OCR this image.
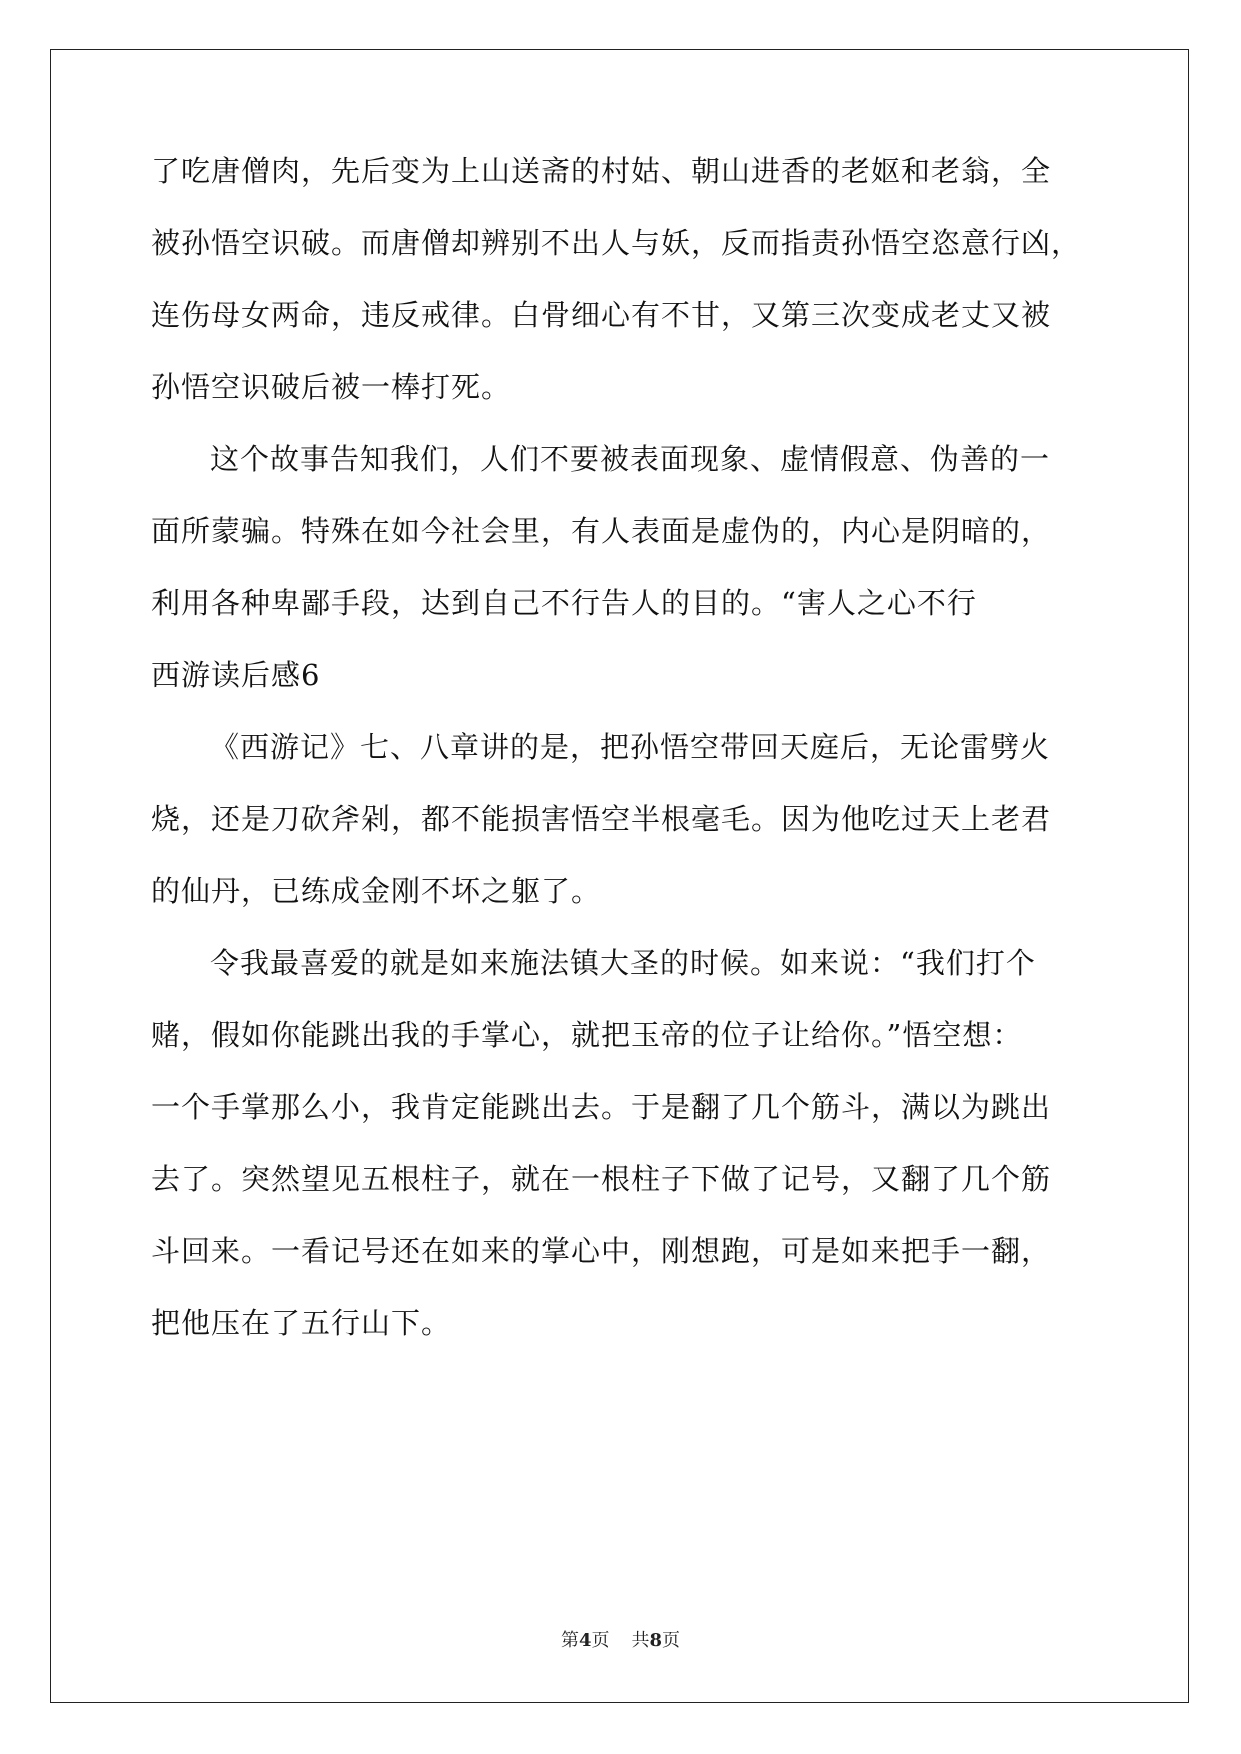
了吃唐僧肉，先后变为上山送斋的村姑、朝山进香的老妪和老翁，全
被孙悟空识破。而唐僧却辨别不出人与妖，反而指责孙悟空恣意行凶，
连伤母女两命，违反戒律。白骨细心有不甘，又第三次变成老丈又被
孙悟空识破后被一棒打死。
这个故事告知我们，人们不要被表面现象、虚情假意、伪善的一
面所蒙骗。特殊在如今社会里，有人表面是虚伪的，内心是阴暗的，
利用各种卑鄙手段，达到自己不行告人的目的。“害人之心不行
西游读后感6
《西游记》七、八章讲的是，把孙悟空带回天庭后，无论雷劈火
烧，还是刀砍斧剁，都不能损害悟空半根毫毛。因为他吃过天上老君
的仙丹，已练成金刚不坏之躯了。
令我最喜爱的就是如来施法镇大圣的时候。如来说：“我们打个
赌，假如你能跳出我的手掌心，就把玉帝的位子让给你。”悟空想：
一个手掌那么小，我肯定能跳出去。于是翻了几个筋斗，满以为跳出
去了。突然望见五根柱子，就在一根柱子下做了记号，又翻了几个筋
斗回来。一看记号还在如来的掌心中，刚想跑，可是如来把手一翻，
把他压在了五行山下。
第4页 共8页
